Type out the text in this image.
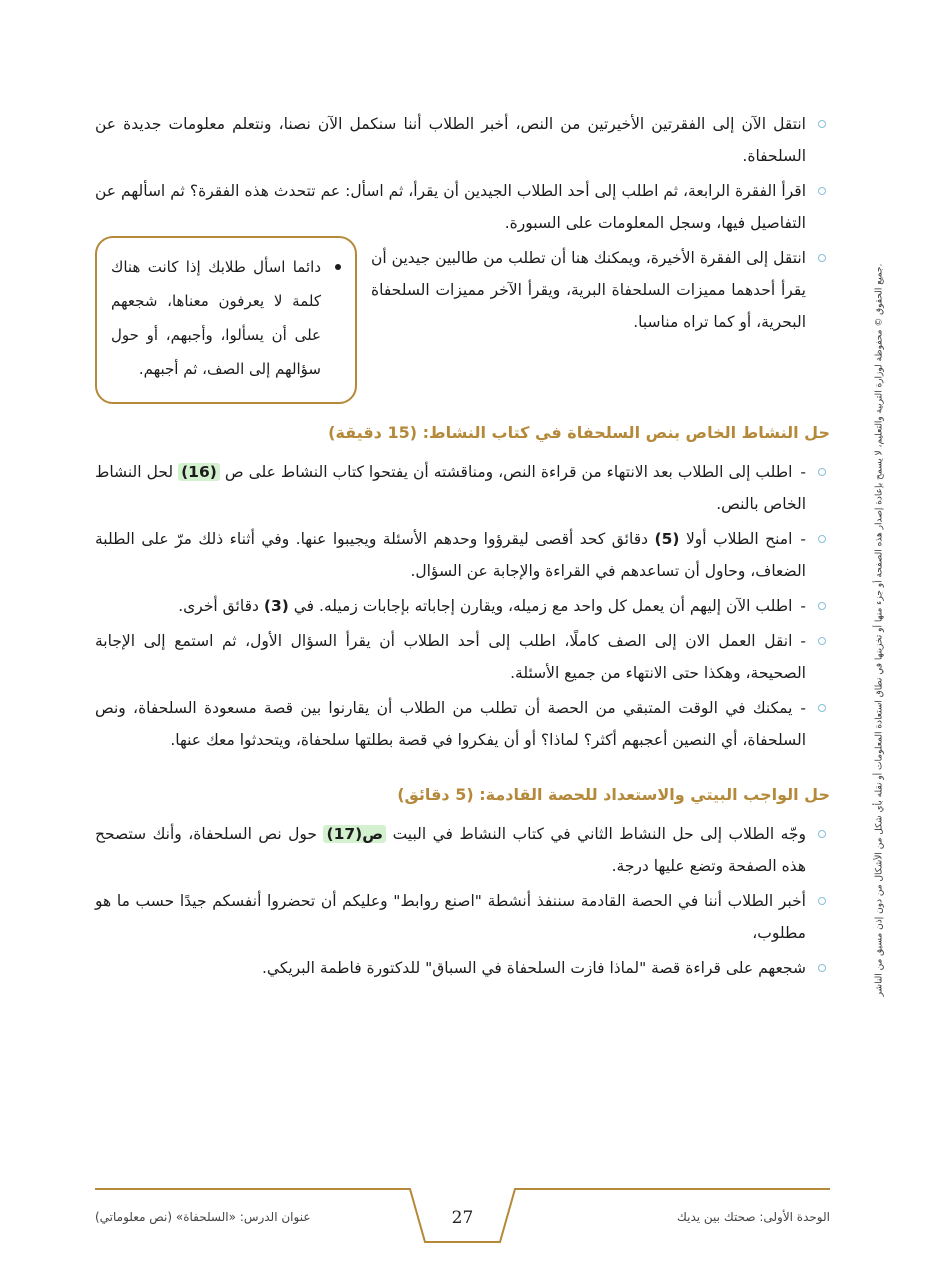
جميع الحقوق © محفوظة لوزارة التربية والتعليم، لا يسمح بإعادة إصدار هذه الصفحة أو جزء منها أو تخزينها في نطاق استعادة المعلومات أو نقله بأي شكل من الأشكال من دون إذن مسبق من الناشر.
انتقل الآن إلى الفقرتين الأخيرتين من النص، أخبر الطلاب أننا سنكمل الآن نصنا، ونتعلم معلومات جديدة عن السلحفاة.
اقرأ الفقرة الرابعة، ثم اطلب إلى أحد الطلاب الجيدين أن يقرأ، ثم اسأل: عم تتحدث هذه الفقرة؟ ثم اسألهم عن التفاصيل فيها، وسجل المعلومات على السبورة.
انتقل إلى الفقرة الأخيرة، ويمكنك هنا أن تطلب من طالبين جيدين أن يقرأ أحدهما مميزات السلحفاة البرية، ويقرأ الآخر مميزات السلحفاة البحرية، أو كما تراه مناسبا.
دائما اسأل طلابك إذا كانت هناك كلمة لا يعرفون معناها، شجعهم على أن يسألوا، وأجبهم، أو حول سؤالهم إلى الصف، ثم أجبهم.
حل النشاط الخاص بنص السلحفاة في كتاب النشاط: (15 دقيقة)
-اطلب إلى الطلاب بعد الانتهاء من قراءة النص، ومناقشته أن يفتحوا كتاب النشاط على ص (16) لحل النشاط الخاص بالنص.
-امنح الطلاب أولا (5) دقائق كحد أقصى ليقرؤوا وحدهم الأسئلة ويجيبوا عنها. وفي أثناء ذلك مرّ على الطلبة الضعاف، وحاول أن تساعدهم في القراءة والإجابة عن السؤال.
-اطلب الآن إليهم أن يعمل كل واحد مع زميله، ويقارن إجاباته بإجابات زميله. في (3) دقائق أخرى.
-انقل العمل الان إلى الصف كاملًا، اطلب إلى أحد الطلاب أن يقرأ السؤال الأول، ثم استمع إلى الإجابة الصحيحة، وهكذا حتى الانتهاء من جميع الأسئلة.
-يمكنك في الوقت المتبقي من الحصة أن تطلب من الطلاب أن يقارنوا بين قصة مسعودة السلحفاة، ونص السلحفاة، أي النصين أعجبهم أكثر؟ لماذا؟ أو أن يفكروا في قصة بطلتها سلحفاة، ويتحدثوا معك عنها.
حل الواجب البيتي والاستعداد للحصة القادمة: (5 دقائق)
وجّه الطلاب إلى حل النشاط الثاني في كتاب النشاط في البيت ص(17) حول نص السلحفاة، وأنك ستصحح هذه الصفحة وتضع عليها درجة.
أخبر الطلاب أننا في الحصة القادمة سننفذ أنشطة "اصنع روابط" وعليكم أن تحضروا أنفسكم جيدًا حسب ما هو مطلوب،
شجعهم على قراءة قصة "لماذا فازت السلحفاة في السباق" للدكتورة فاطمة البريكي.
الوحدة الأولى: صحتك بين يديك
27
عنوان الدرس: «السلحفاة» (نص معلوماتي)
